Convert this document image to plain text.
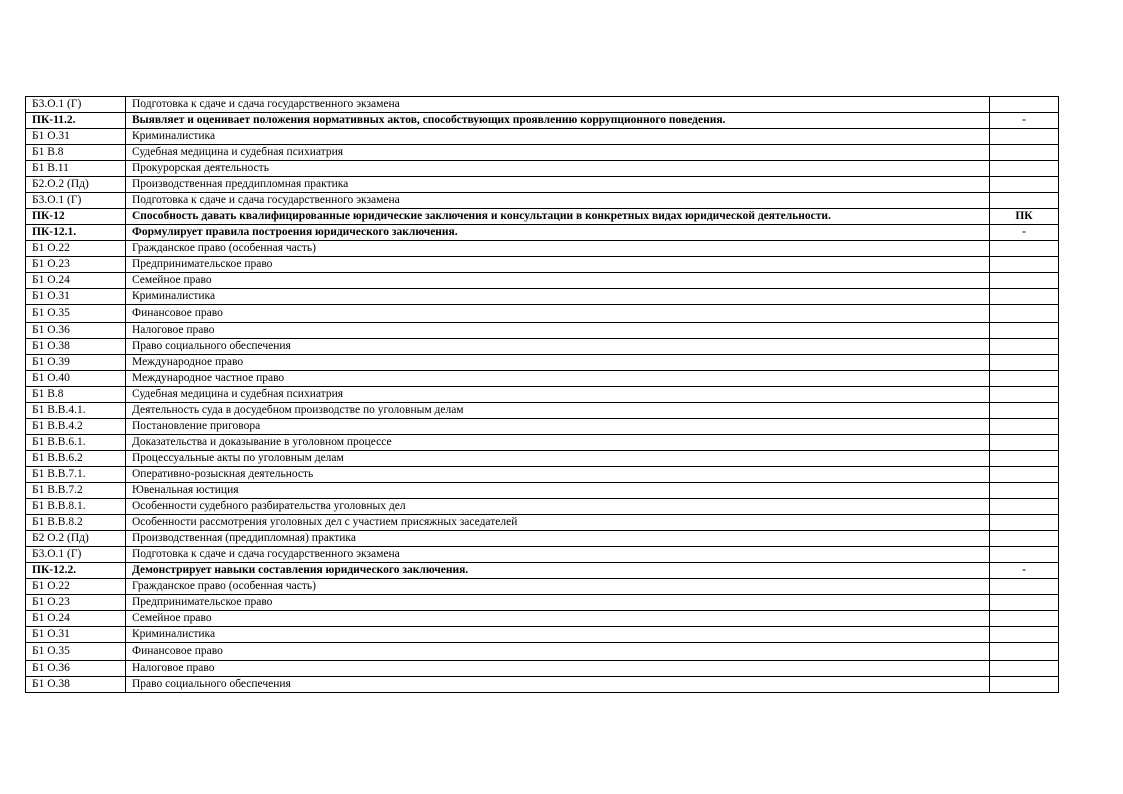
Б3.О.1 (Г)	Подготовка к сдаче и сдача государственного экзамена	
ПК-11.2.	Выявляет и оценивает положения нормативных актов, способствующих проявлению коррупционного поведения.	-
Б1 О.31	Криминалистика	
Б1 В.8	Судебная медицина и судебная психиатрия	
Б1 В.11	Прокурорская деятельность	
Б2.О.2 (Пд)	Производственная преддипломная практика	
Б3.О.1 (Г)	Подготовка к сдаче и сдача государственного экзамена	
ПК-12	Способность давать квалифицированные юридические заключения и консультации в конкретных видах юридической деятельности.	ПК
ПК-12.1.	Формулирует правила построения юридического заключения.	-
Б1 О.22	Гражданское право (особенная часть)	
Б1 О.23	Предпринимательское право	
Б1 О.24	Семейное право	
Б1 О.31	Криминалистика	
Б1 О.35	Финансовое право	
Б1 О.36	Налоговое право	
Б1 О.38	Право социального обеспечения	
Б1 О.39	Международное право	
Б1 О.40	Международное частное право	
Б1 В.8	Судебная медицина и судебная психиатрия	
Б1 В.В.4.1.	Деятельность суда в досудебном производстве по уголовным делам	
Б1 В.В.4.2	Постановление приговора	
Б1 В.В.6.1.	Доказательства и доказывание в уголовном процессе	
Б1 В.В.6.2	Процессуальные акты по уголовным делам	
Б1 В.В.7.1.	Оперативно-розыскная деятельность	
Б1 В.В.7.2	Ювенальная юстиция	
Б1 В.В.8.1.	Особенности судебного разбирательства уголовных дел	
Б1 В.В.8.2	Особенности рассмотрения уголовных дел с участием присяжных заседателей	
Б2 О.2 (Пд)	Производственная (преддипломная) практика	
Б3.О.1 (Г)	Подготовка к сдаче и сдача государственного экзамена	
ПК-12.2.	Демонстрирует навыки составления юридического заключения.	-
Б1 О.22	Гражданское право (особенная часть)	
Б1 О.23	Предпринимательское право	
Б1 О.24	Семейное право	
Б1 О.31	Криминалистика	
Б1 О.35	Финансовое право	
Б1 О.36	Налоговое право	
Б1 О.38	Право социального обеспечения	
